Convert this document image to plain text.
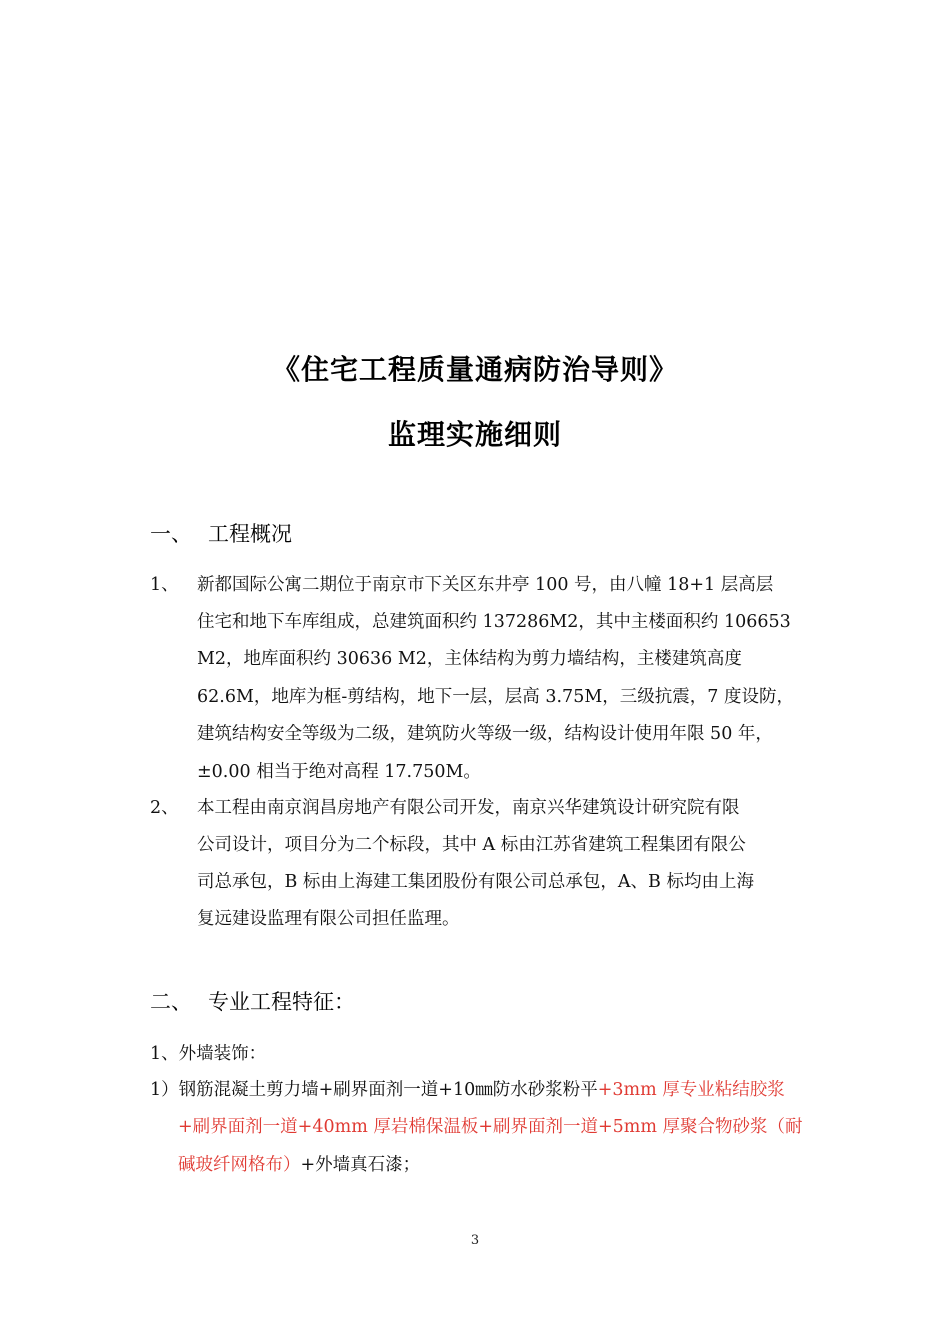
《住宅工程质量通病防治导则》
监理实施细则
一、 工程概况
1、 新都国际公寓二期位于南京市下关区东井亭 100 号，由八幢 18+1 层高层
住宅和地下车库组成，总建筑面积约 137286M2，其中主楼面积约 106653
M2，地库面积约 30636 M2，主体结构为剪力墙结构，主楼建筑高度
62.6M，地库为框-剪结构，地下一层，层高 3.75M，三级抗震，7 度设防，
建筑结构安全等级为二级，建筑防火等级一级，结构设计使用年限 50 年，
±0.00 相当于绝对高程 17.750M。
2、 本工程由南京润昌房地产有限公司开发，南京兴华建筑设计研究院有限
公司设计，项目分为二个标段，其中 A 标由江苏省建筑工程集团有限公
司总承包，B 标由上海建工集团股份有限公司总承包，A、B 标均由上海
复远建设监理有限公司担任监理。
二、 专业工程特征：
1、外墙装饰：
1）钢筋混凝土剪力墙+刷界面剂一道+10㎜防水砂浆粉平+3mm 厚专业粘结胶浆
+刷界面剂一道+40mm 厚岩棉保温板+刷界面剂一道+5mm 厚聚合物砂浆（耐
碱玻纤网格布）+外墙真石漆；
3
